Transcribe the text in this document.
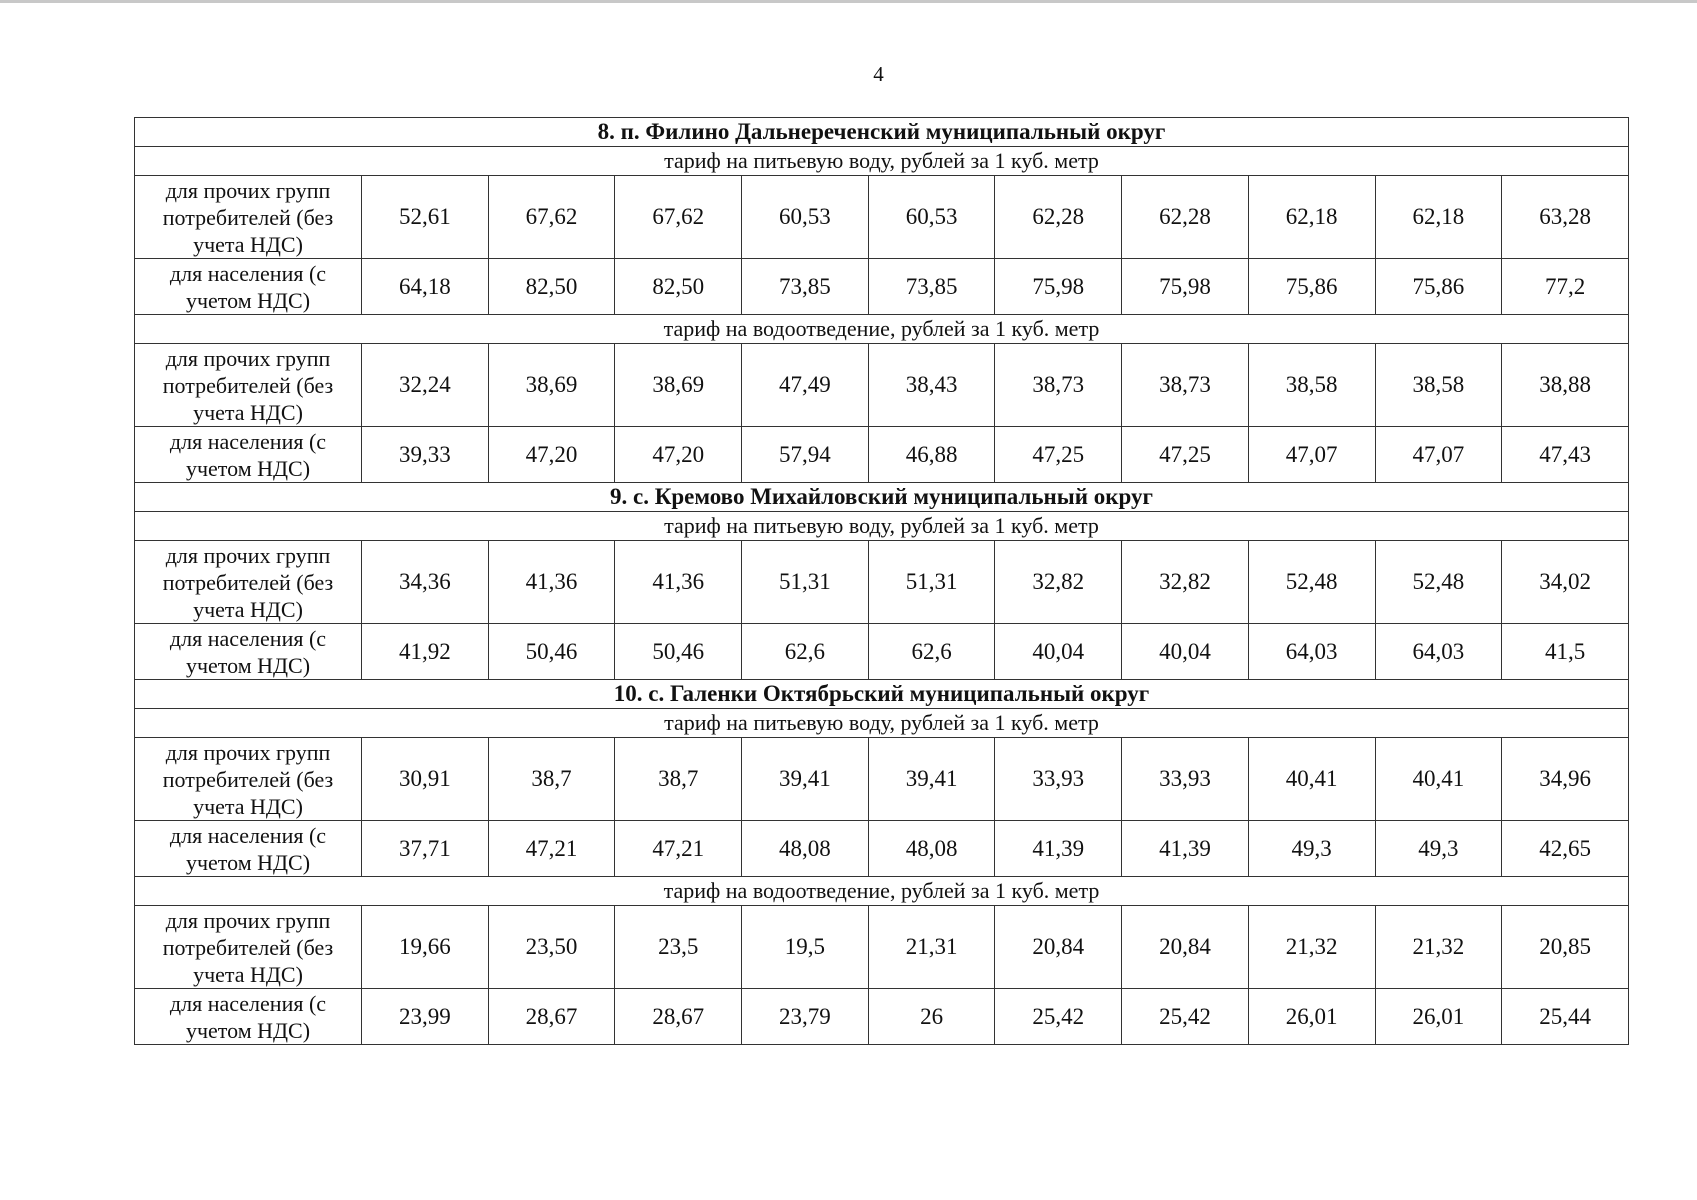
4
8. п. Филино Дальнереченский муниципальный округ										
тариф на питьевую воду, рублей за 1 куб. метр										
для прочих групп потребителей (без учета НДС)	52,61	67,62	67,62	60,53	60,53	62,28	62,28	62,18	62,18	63,28
для населения (с учетом НДС)	64,18	82,50	82,50	73,85	73,85	75,98	75,98	75,86	75,86	77,2
тариф на водоотведение, рублей за 1 куб. метр										
для прочих групп потребителей (без учета НДС)	32,24	38,69	38,69	47,49	38,43	38,73	38,73	38,58	38,58	38,88
для населения (с учетом НДС)	39,33	47,20	47,20	57,94	46,88	47,25	47,25	47,07	47,07	47,43
9. с. Кремово Михайловский муниципальный округ										
тариф на питьевую воду, рублей за 1 куб. метр										
для прочих групп потребителей (без учета НДС)	34,36	41,36	41,36	51,31	51,31	32,82	32,82	52,48	52,48	34,02
для населения (с учетом НДС)	41,92	50,46	50,46	62,6	62,6	40,04	40,04	64,03	64,03	41,5
10. с. Галенки Октябрьский муниципальный округ										
тариф на питьевую воду, рублей за 1 куб. метр										
для прочих групп потребителей (без учета НДС)	30,91	38,7	38,7	39,41	39,41	33,93	33,93	40,41	40,41	34,96
для населения (с учетом НДС)	37,71	47,21	47,21	48,08	48,08	41,39	41,39	49,3	49,3	42,65
тариф на водоотведение, рублей за 1 куб. метр										
для прочих групп потребителей (без учета НДС)	19,66	23,50	23,5	19,5	21,31	20,84	20,84	21,32	21,32	20,85
для населения (с учетом НДС)	23,99	28,67	28,67	23,79	26	25,42	25,42	26,01	26,01	25,44
